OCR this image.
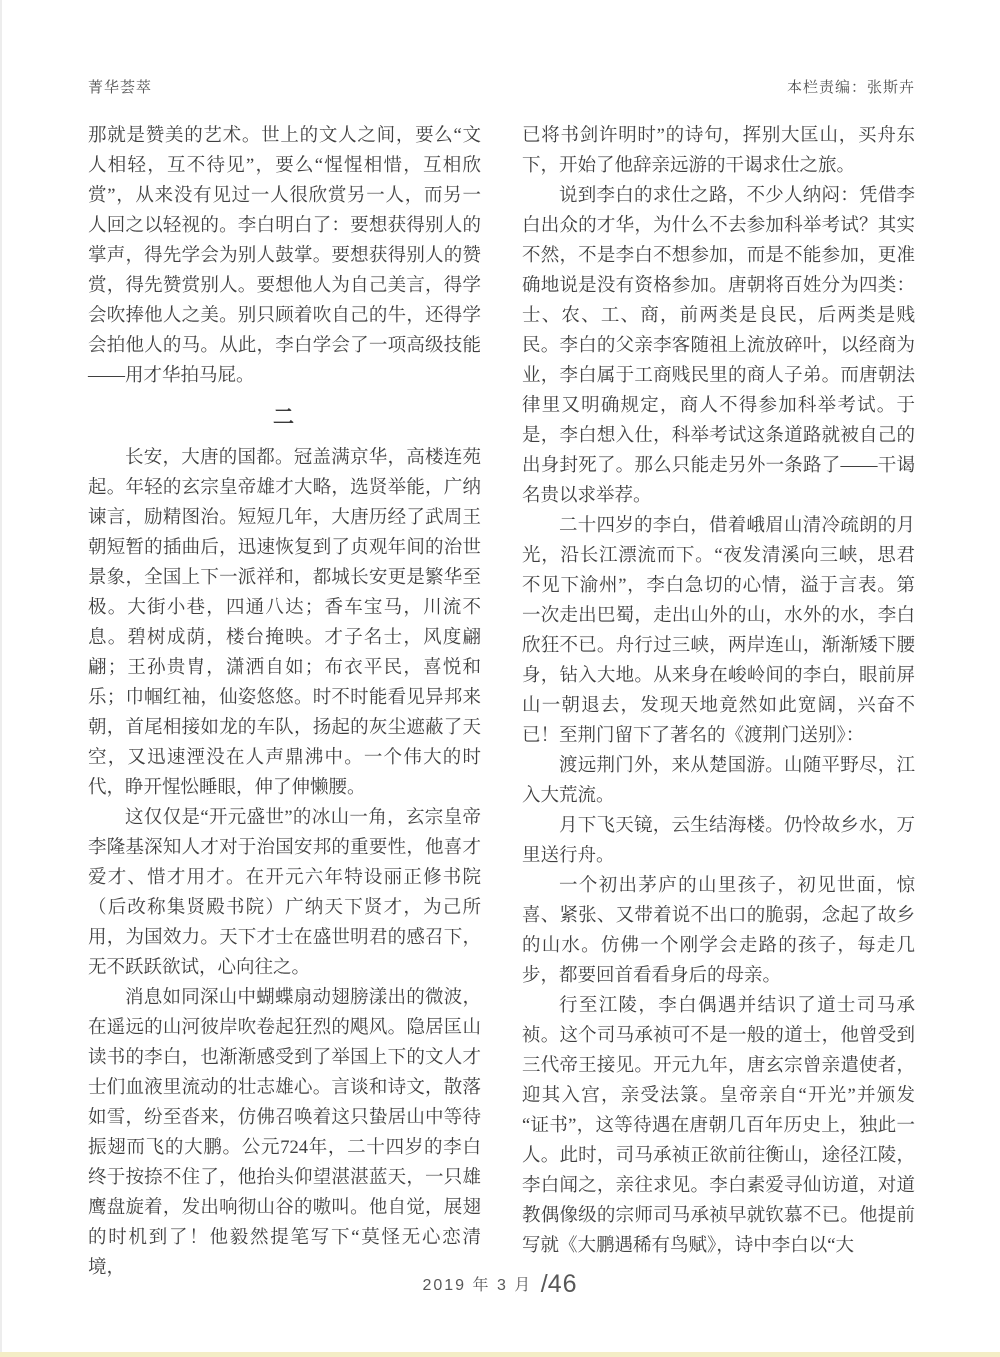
菁华荟萃	本栏责编：张斯卉

那就是赞美的艺术。世上的文人之间，要么“文人相轻，互不待见”，要么“惺惺相惜，互相欣赏”，从来没有见过一人很欣赏另一人，而另一人回之以轻视的。李白明白了：要想获得别人的掌声，得先学会为别人鼓掌。要想获得别人的赞赏，得先赞赏别人。要想他人为自己美言，得学会吹捧他人之美。别只顾着吹自己的牛，还得学会拍他人的马。从此，李白学会了一项高级技能——用才华拍马屁。

二

长安，大唐的国都。冠盖满京华，高楼连苑起。年轻的玄宗皇帝雄才大略，选贤举能，广纳谏言，励精图治。短短几年，大唐历经了武周王朝短暂的插曲后，迅速恢复到了贞观年间的治世景象，全国上下一派祥和，都城长安更是繁华至极。大街小巷，四通八达；香车宝马，川流不息。碧树成荫，楼台掩映。才子名士，风度翩翩；王孙贵胄，潇洒自如；布衣平民，喜悦和乐；巾帼红袖，仙姿悠悠。时不时能看见异邦来朝，首尾相接如龙的车队，扬起的灰尘遮蔽了天空，又迅速湮没在人声鼎沸中。一个伟大的时代，睁开惺忪睡眼，伸了伸懒腰。

这仅仅是“开元盛世”的冰山一角，玄宗皇帝李隆基深知人才对于治国安邦的重要性，他喜才爱才、惜才用才。在开元六年特设丽正修书院（后改称集贤殿书院）广纳天下贤才，为己所用，为国效力。天下才士在盛世明君的感召下，无不跃跃欲试，心向往之。

消息如同深山中蝴蝶扇动翅膀漾出的微波，在遥远的山河彼岸吹卷起狂烈的飓风。隐居匡山读书的李白，也渐渐感受到了举国上下的文人才士们血液里流动的壮志雄心。言谈和诗文，散落如雪，纷至沓来，仿佛召唤着这只蛰居山中等待振翅而飞的大鹏。公元724年，二十四岁的李白终于按捺不住了，他抬头仰望湛湛蓝天，一只雄鹰盘旋着，发出响彻山谷的嗷叫。他自觉，展翅的时机到了！他毅然提笔写下“莫怪无心恋清境，

已将书剑许明时”的诗句，挥别大匡山，买舟东下，开始了他辞亲远游的干谒求仕之旅。

说到李白的求仕之路，不少人纳闷：凭借李白出众的才华，为什么不去参加科举考试？其实不然，不是李白不想参加，而是不能参加，更准确地说是没有资格参加。唐朝将百姓分为四类：士、农、工、商，前两类是良民，后两类是贱民。李白的父亲李客随祖上流放碎叶，以经商为业，李白属于工商贱民里的商人子弟。而唐朝法律里又明确规定，商人不得参加科举考试。于是，李白想入仕，科举考试这条道路就被自己的出身封死了。那么只能走另外一条路了——干谒名贵以求举荐。

二十四岁的李白，借着峨眉山清冷疏朗的月光，沿长江漂流而下。“夜发清溪向三峡，思君不见下渝州”，李白急切的心情，溢于言表。第一次走出巴蜀，走出山外的山，水外的水，李白欣狂不已。舟行过三峡，两岸连山，渐渐矮下腰身，钻入大地。从来身在峻岭间的李白，眼前屏山一朝退去，发现天地竟然如此宽阔，兴奋不已！至荆门留下了著名的《渡荆门送别》：

渡远荆门外，来从楚国游。山随平野尽，江入大荒流。

月下飞天镜，云生结海楼。仍怜故乡水，万里送行舟。

一个初出茅庐的山里孩子，初见世面，惊喜、紧张、又带着说不出口的脆弱，念起了故乡的山水。仿佛一个刚学会走路的孩子，每走几步，都要回首看看身后的母亲。

行至江陵，李白偶遇并结识了道士司马承祯。这个司马承祯可不是一般的道士，他曾受到三代帝王接见。开元九年，唐玄宗曾亲遣使者，迎其入宫，亲受法箓。皇帝亲自“开光”并颁发“证书”，这等待遇在唐朝几百年历史上，独此一人。此时，司马承祯正欲前往衡山，途径江陵，李白闻之，亲往求见。李白素爱寻仙访道，对道教偶像级的宗师司马承祯早就钦慕不已。他提前写就《大鹏遇稀有鸟赋》，诗中李白以“大

2019 年 3 月 /46
